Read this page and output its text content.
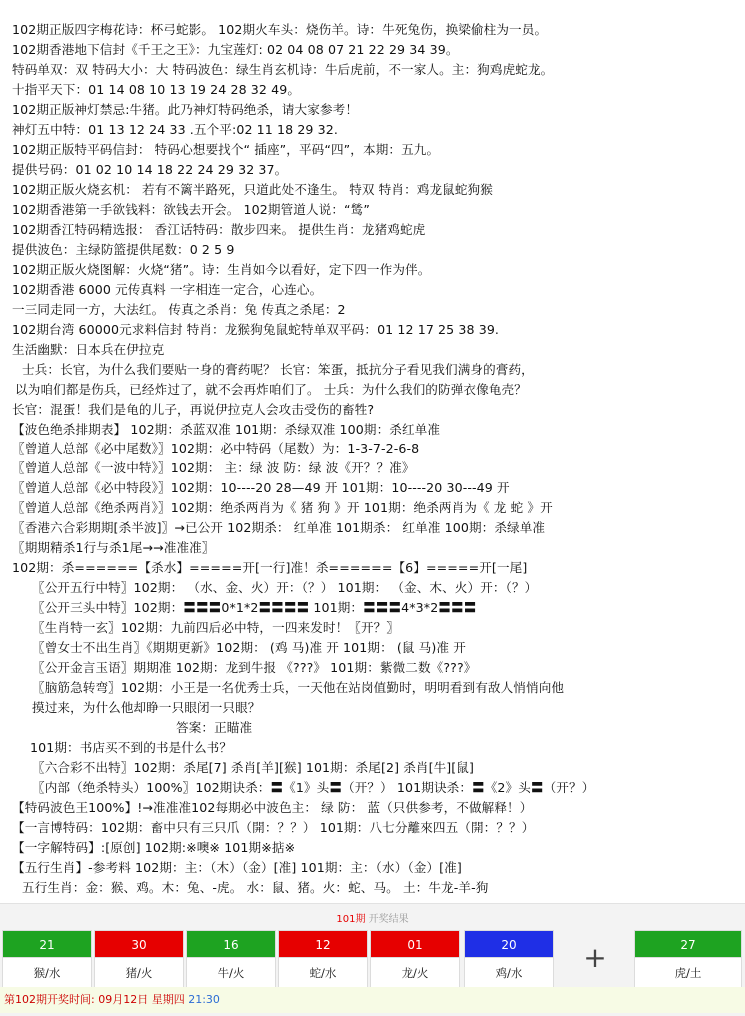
102期正版四字梅花诗：杯弓蛇影。 102期火车头：烧伤羊。诗：牛死兔伤，换梁偷柱为一员。
102期香港地下信封《千王之王》：九宝莲灯: 02 04 08 07 21 22 29 34 39。
特码单双：双 特码大小：大 特码波色：绿生肖玄机诗：牛后虎前，不一家人。主：狗鸡虎蛇龙。
十指平天下：01 14 08 10 13 19 24 28 32 49。
102期正版神灯禁忌:牛猪。此乃神灯特码绝杀，请大家参考！
神灯五中特：01 13 12 24 33 .五个平:02 11 18 29 32.
102期正版特平码信封： 特码心想要找个“ 插座”，平码“四”，本期：五九。
提供号码：01 02 10 14 18 22 24 29 32 37。
102期正版火烧玄机： 若有不篱半路死，只道此处不逢生。 特双 特肖：鸡龙鼠蛇狗猴
102期香港第一手欲钱料：欲钱去开会。 102期管道人说：“鸶”
102期香江特码精选报： 香江话特码：散步四来。 提供生肖：龙猪鸡蛇虎
提供波色：主绿防篮提供尾数：0 2 5 9
102期正版火烧图解：火烧“猪”。诗：生肖如今以看好，定下四一作为伴。
102期香港 6000 元传真料 一字相连一定合，心连心。
一三同走同一方，大法红。 传真之杀肖：兔 传真之杀尾：2
102期台湾 60000元求料信封 特肖：龙猴狗兔鼠蛇特单双平码：01 12 17 25 38 39.
生活幽默：日本兵在伊拉克
士兵：长官，为什么我们要贴一身的膏药呢？ 长官：笨蛋，抵抗分子看见我们满身的膏药，
以为咱们都是伤兵，已经炸过了，就不会再炸咱们了。 士兵：为什么我们的防弹衣像龟壳？
长官：混蛋！我们是龟的儿子，再说伊拉克人会攻击受伤的畜牲?
【波色绝杀排期表】 102期：杀蓝双准 101期：杀绿双准 100期：杀红单准
〖曾道人总部《必中尾数》〗102期：必中特码（尾数）为：1-3-7-2-6-8
〖曾道人总部《一波中特》〗102期： 主：绿 波 防：绿 波《开？？准》
〖曾道人总部《必中特段》〗102期：10----20 28—49 开 101期：10----20 30---49 开
〖曾道人总部《绝杀两肖》〗102期：绝杀两肖为《 猪 狗 》开 101期：绝杀两肖为《 龙 蛇 》开
〖香港六合彩期期[杀半波]〗→已公开 102期杀： 红单准 101期杀： 红单准 100期：杀绿单准
〖期期精杀1行与杀1尾→→准准准〗
102期：杀======【杀水】=====开[一行]准！杀======【6】=====开[一尾]
〖公开五行中特〗102期： （水、金、火）开：（？） 101期： （金、木、火）开：（？）
〖公开三头中特〗102期：〓〓〓0*1*2〓〓〓〓 101期：〓〓〓4*3*2〓〓〓
〖生肖特一玄〗102期：九前四后必中特，一四来发时！〖开？〗
〖曾女士不出生肖〗《期期更新》102期： (鸡 马)准 开 101期： (鼠 马)准 开
〖公开金言玉语〗期期准 102期：龙到牛报 《???》 101期：紫微二数《???》
〖脑筋急转弯〗102期：小王是一名优秀士兵，一天他在站岗值勤时，明明看到有敌人悄悄向他
摸过来，为什么他却睁一只眼闭一只眼？
答案：正瞄准
101期：书店买不到的书是什么书？
〖六合彩不出特〗102期：杀尾[7] 杀肖[羊][猴] 101期：杀尾[2] 杀肖[牛][鼠]
〖内部（绝杀特头）100%〗102期诀杀：〓《1》头〓（开？） 101期诀杀：〓《2》头〓（开？）
【特码波色王100%】!→准准准102每期必中波色主： 绿 防： 蓝（只供参考，不做解释！）
【一言博特码：102期：畜中只有三只爪（開：？？） 101期：八七分離來四五（開：？？）
【一字解特码】:[原创] 102期:※噢※ 101期※掂※
【五行生肖】-参考料 102期：主：（木）（金）[准] 101期：主：（水）（金）[准]
五行生肖：金：猴、鸡。木：兔、-虎。 水：鼠、猪。火：蛇、马。 土：牛龙-羊-狗
101期 开奖结果
21
猴/水
30
猪/火
16
牛/火
12
蛇/水
01
龙/火
20
鸡/水	+	27
虎/土
第102期开奖时间: 09月12日 星期四 21:30
